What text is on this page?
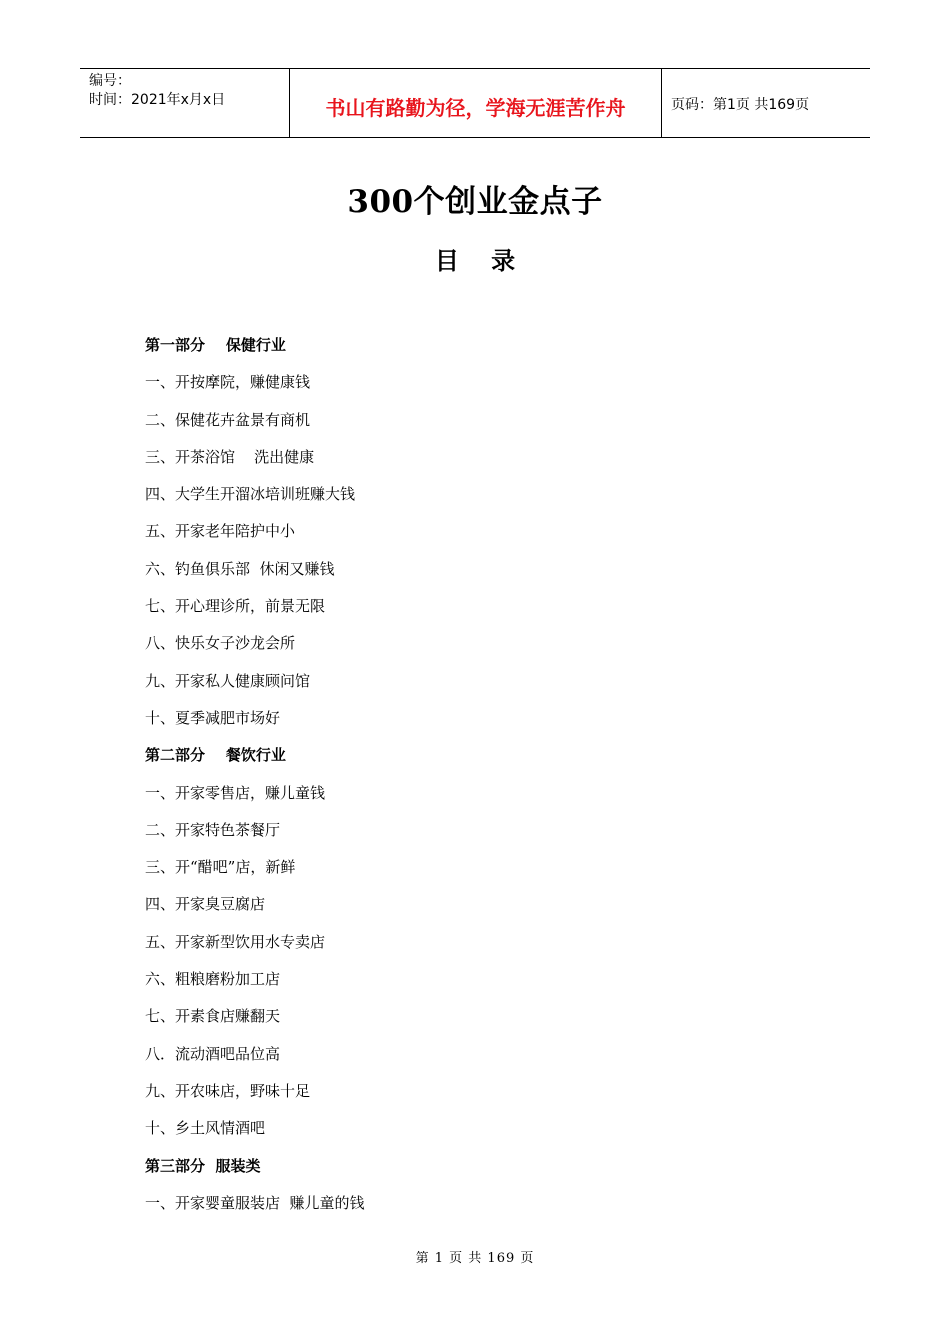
编号：
时间：2021年x月x日	书山有路勤为径，学海无涯苦作舟	页码：第1页 共169页
300个创业金点子
目 录
第一部分    保健行业
一、开按摩院，赚健康钱
二、保健花卉盆景有商机
三、开茶浴馆    洗出健康
四、大学生开溜冰培训班赚大钱
五、开家老年陪护中小
六、钓鱼俱乐部  休闲又赚钱
七、开心理诊所，前景无限
八、快乐女子沙龙会所
九、开家私人健康顾问馆
十、夏季减肥市场好
第二部分    餐饮行业
一、开家零售店，赚儿童钱
二、开家特色茶餐厅
三、开“醋吧”店，新鲜
四、开家臭豆腐店
五、开家新型饮用水专卖店
六、粗粮磨粉加工店
七、开素食店赚翻天
八．流动酒吧品位高
九、开农味店，野味十足
十、乡土风情酒吧
第三部分  服装类
一、开家婴童服装店  赚儿童的钱
第 1 页 共 169 页
